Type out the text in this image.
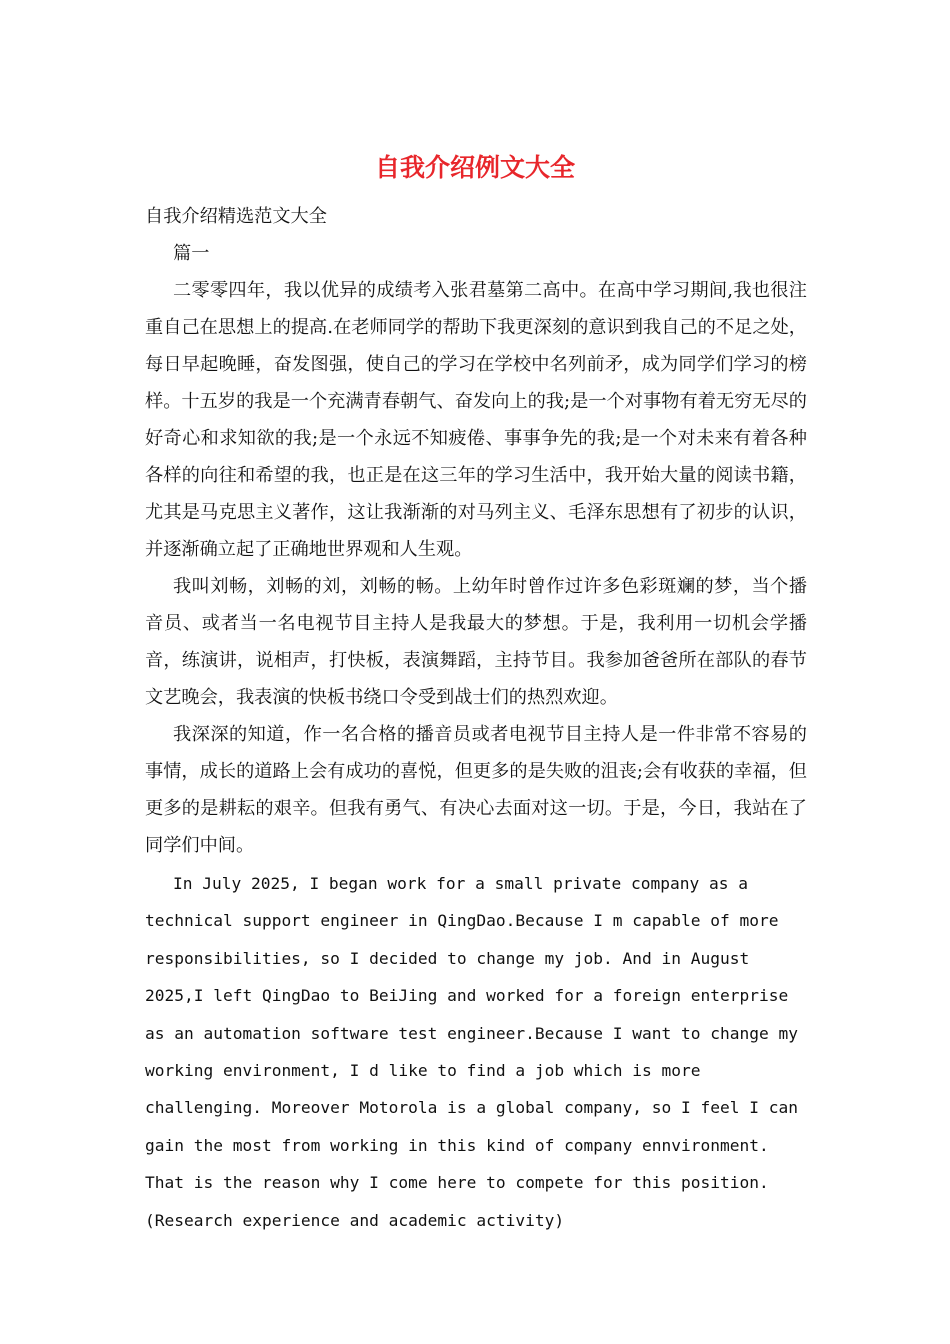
自我介绍例文大全

自我介绍精选范文大全

篇一

二零零四年，我以优异的成绩考入张君墓第二高中。在高中学习期间,我也很注重自己在思想上的提高.在老师同学的帮助下我更深刻的意识到我自己的不足之处，每日早起晚睡，奋发图强，使自己的学习在学校中名列前矛，成为同学们学习的榜样。十五岁的我是一个充满青春朝气、奋发向上的我;是一个对事物有着无穷无尽的好奇心和求知欲的我;是一个永远不知疲倦、事事争先的我;是一个对未来有着各种各样的向往和希望的我，也正是在这三年的学习生活中，我开始大量的阅读书籍，尤其是马克思主义著作，这让我渐渐的对马列主义、毛泽东思想有了初步的认识，并逐渐确立起了正确地世界观和人生观。

我叫刘畅，刘畅的刘，刘畅的畅。上幼年时曾作过许多色彩斑斓的梦，当个播音员、或者当一名电视节目主持人是我最大的梦想。于是，我利用一切机会学播音，练演讲，说相声，打快板，表演舞蹈，主持节目。我参加爸爸所在部队的春节文艺晚会，我表演的快板书绕口令受到战士们的热烈欢迎。

我深深的知道，作一名合格的播音员或者电视节目主持人是一件非常不容易的事情，成长的道路上会有成功的喜悦，但更多的是失败的沮丧;会有收获的幸福，但更多的是耕耘的艰辛。但我有勇气、有决心去面对这一切。于是，今日，我站在了同学们中间。

In July 2025, I began work for a small private company as a technical support engineer in QingDao.Because I m capable of more responsibilities, so I decided to change my job. And in August 2025,I left QingDao to BeiJing and worked for a foreign enterprise as an automation software test engineer.Because I want to change my working environment, I d like to find a job which is more challenging. Moreover Motorola is a global company, so I feel I can gain the most from working in this kind of company ennvironment. That is the reason why I come here to compete for this position. (Research experience and academic activity)
